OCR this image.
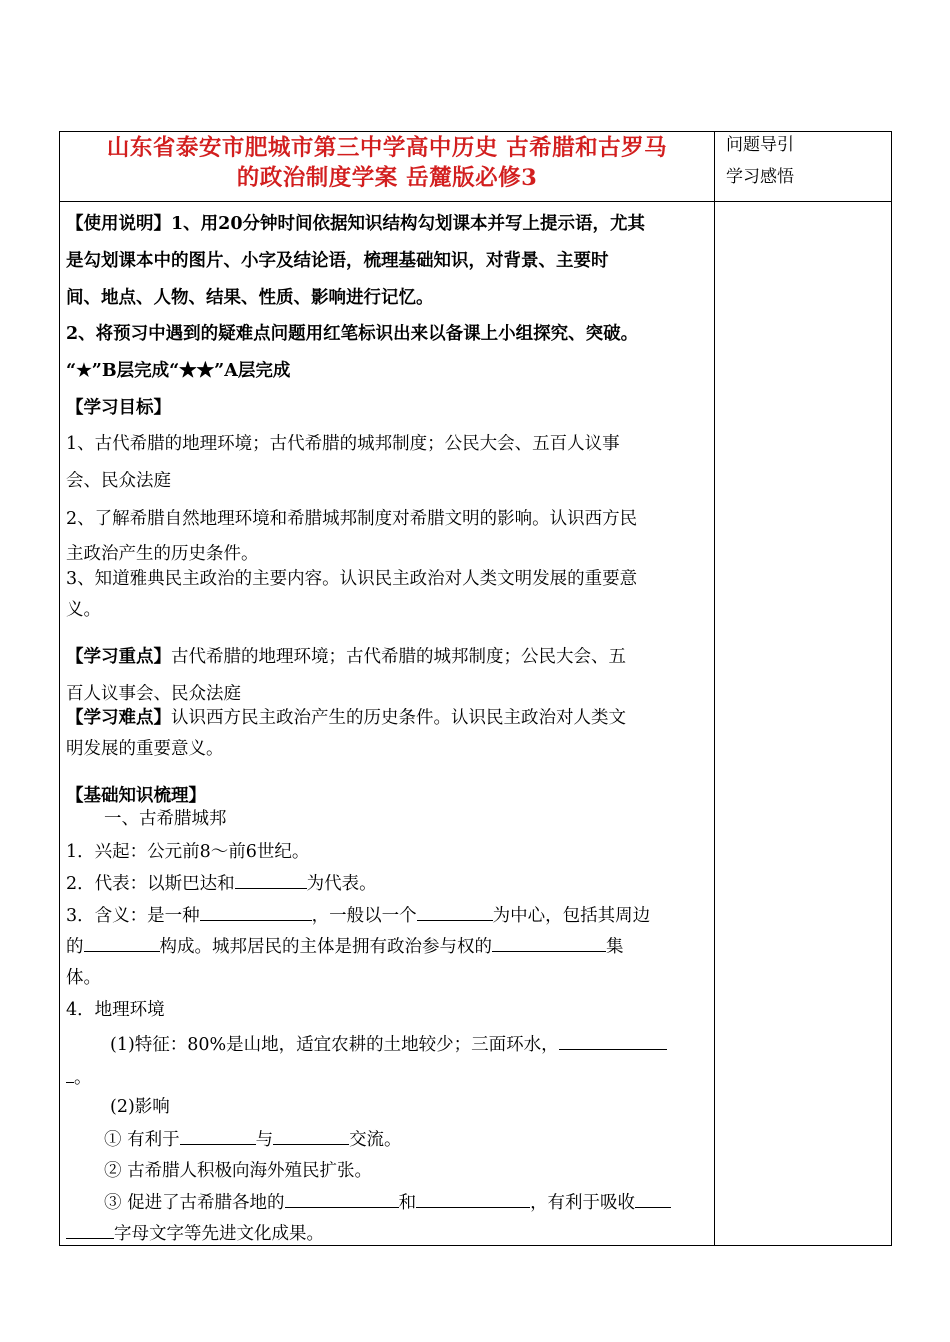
山东省泰安市肥城市第三中学高中历史 古希腊和古罗马
的政治制度学案 岳麓版必修3
问题导引
学习感悟
【使用说明】1、用20分钟时间依据知识结构勾划课本并写上提示语，尤其
是勾划课本中的图片、小字及结论语，梳理基础知识，对背景、主要时
间、地点、人物、结果、性质、影响进行记忆。
2、将预习中遇到的疑难点问题用红笔标识出来以备课上小组探究、突破。
“★”B层完成“★★”A层完成
【学习目标】
1、古代希腊的地理环境；古代希腊的城邦制度；公民大会、五百人议事
会、民众法庭
2、了解希腊自然地理环境和希腊城邦制度对希腊文明的影响。认识西方民
主政治产生的历史条件。
3、知道雅典民主政治的主要内容。认识民主政治对人类文明发展的重要意
义。
【学习重点】古代希腊的地理环境；古代希腊的城邦制度；公民大会、五
百人议事会、民众法庭
【学习难点】认识西方民主政治产生的历史条件。认识民主政治对人类文
明发展的重要意义。
【基础知识梳理】
一、古希腊城邦
1．兴起：公元前8～前6世纪。
2．代表：以斯巴达和	为代表。
3．含义：是一种	，一般以一个	为中心，包括其周边
的	构成。城邦居民的主体是拥有政治参与权的	集
体。
4．地理环境
(1)特征：80%是山地，适宜农耕的土地较少；三面环水，
。
(2)影响
① 有利于	与	交流。
② 古希腊人积极向海外殖民扩张。
③ 促进了古希腊各地的	和	，有利于吸收
字母文字等先进文化成果。
